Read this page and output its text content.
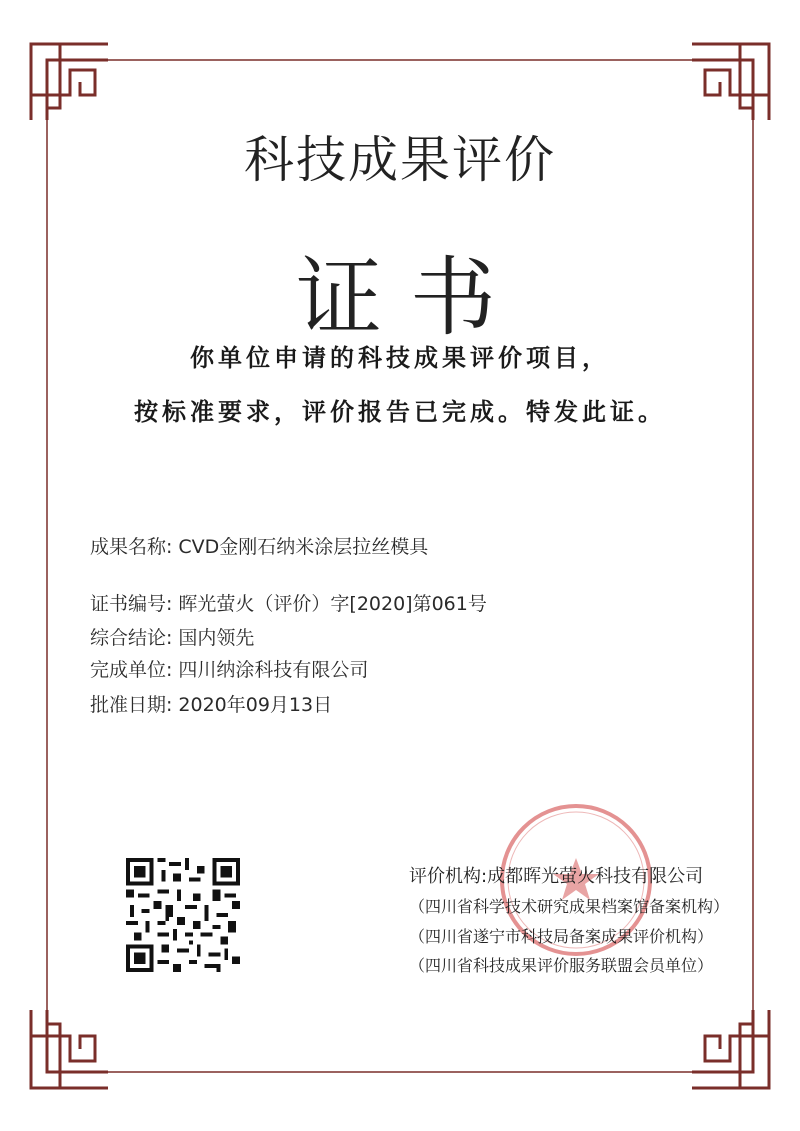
科技成果评价
证书
你单位申请的科技成果评价项目，
按标准要求，评价报告已完成。特发此证。
成果名称: CVD金刚石纳米涂层拉丝模具
证书编号: 晖光萤火（评价）字[2020]第061号
综合结论: 国内领先
完成单位: 四川纳涂科技有限公司
批准日期: 2020年09月13日
评价机构:成都晖光萤火科技有限公司
（四川省科学技术研究成果档案馆备案机构）
（四川省遂宁市科技局备案成果评价机构）
（四川省科技成果评价服务联盟会员单位）
